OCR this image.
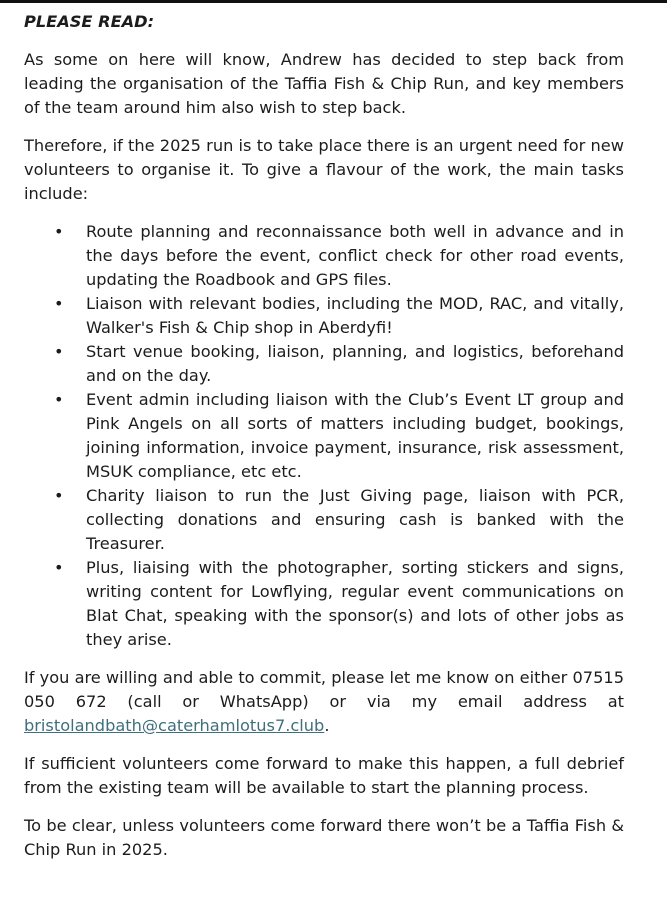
PLEASE READ:

As some on here will know, Andrew has decided to step back from leading the organisation of the Taffia Fish & Chip Run, and key members of the team around him also wish to step back.

Therefore, if the 2025 run is to take place there is an urgent need for new volunteers to organise it. To give a flavour of the work, the main tasks include:

• Route planning and reconnaissance both well in advance and in the days before the event, conflict check for other road events, updating the Roadbook and GPS files.
• Liaison with relevant bodies, including the MOD, RAC, and vitally, Walker's Fish & Chip shop in Aberdyfi!
• Start venue booking, liaison, planning, and logistics, beforehand and on the day.
• Event admin including liaison with the Club’s Event LT group and Pink Angels on all sorts of matters including budget, bookings, joining information, invoice payment, insurance, risk assessment, MSUK compliance, etc etc.
• Charity liaison to run the Just Giving page, liaison with PCR, collecting donations and ensuring cash is banked with the Treasurer.
• Plus, liaising with the photographer, sorting stickers and signs, writing content for Lowflying, regular event communications on Blat Chat, speaking with the sponsor(s) and lots of other jobs as they arise.

If you are willing and able to commit, please let me know on either 07515 050 672 (call or WhatsApp) or via my email address at bristolandbath@caterhamlotus7.club.

If sufficient volunteers come forward to make this happen, a full debrief from the existing team will be available to start the planning process.

To be clear, unless volunteers come forward there won’t be a Taffia Fish & Chip Run in 2025.
